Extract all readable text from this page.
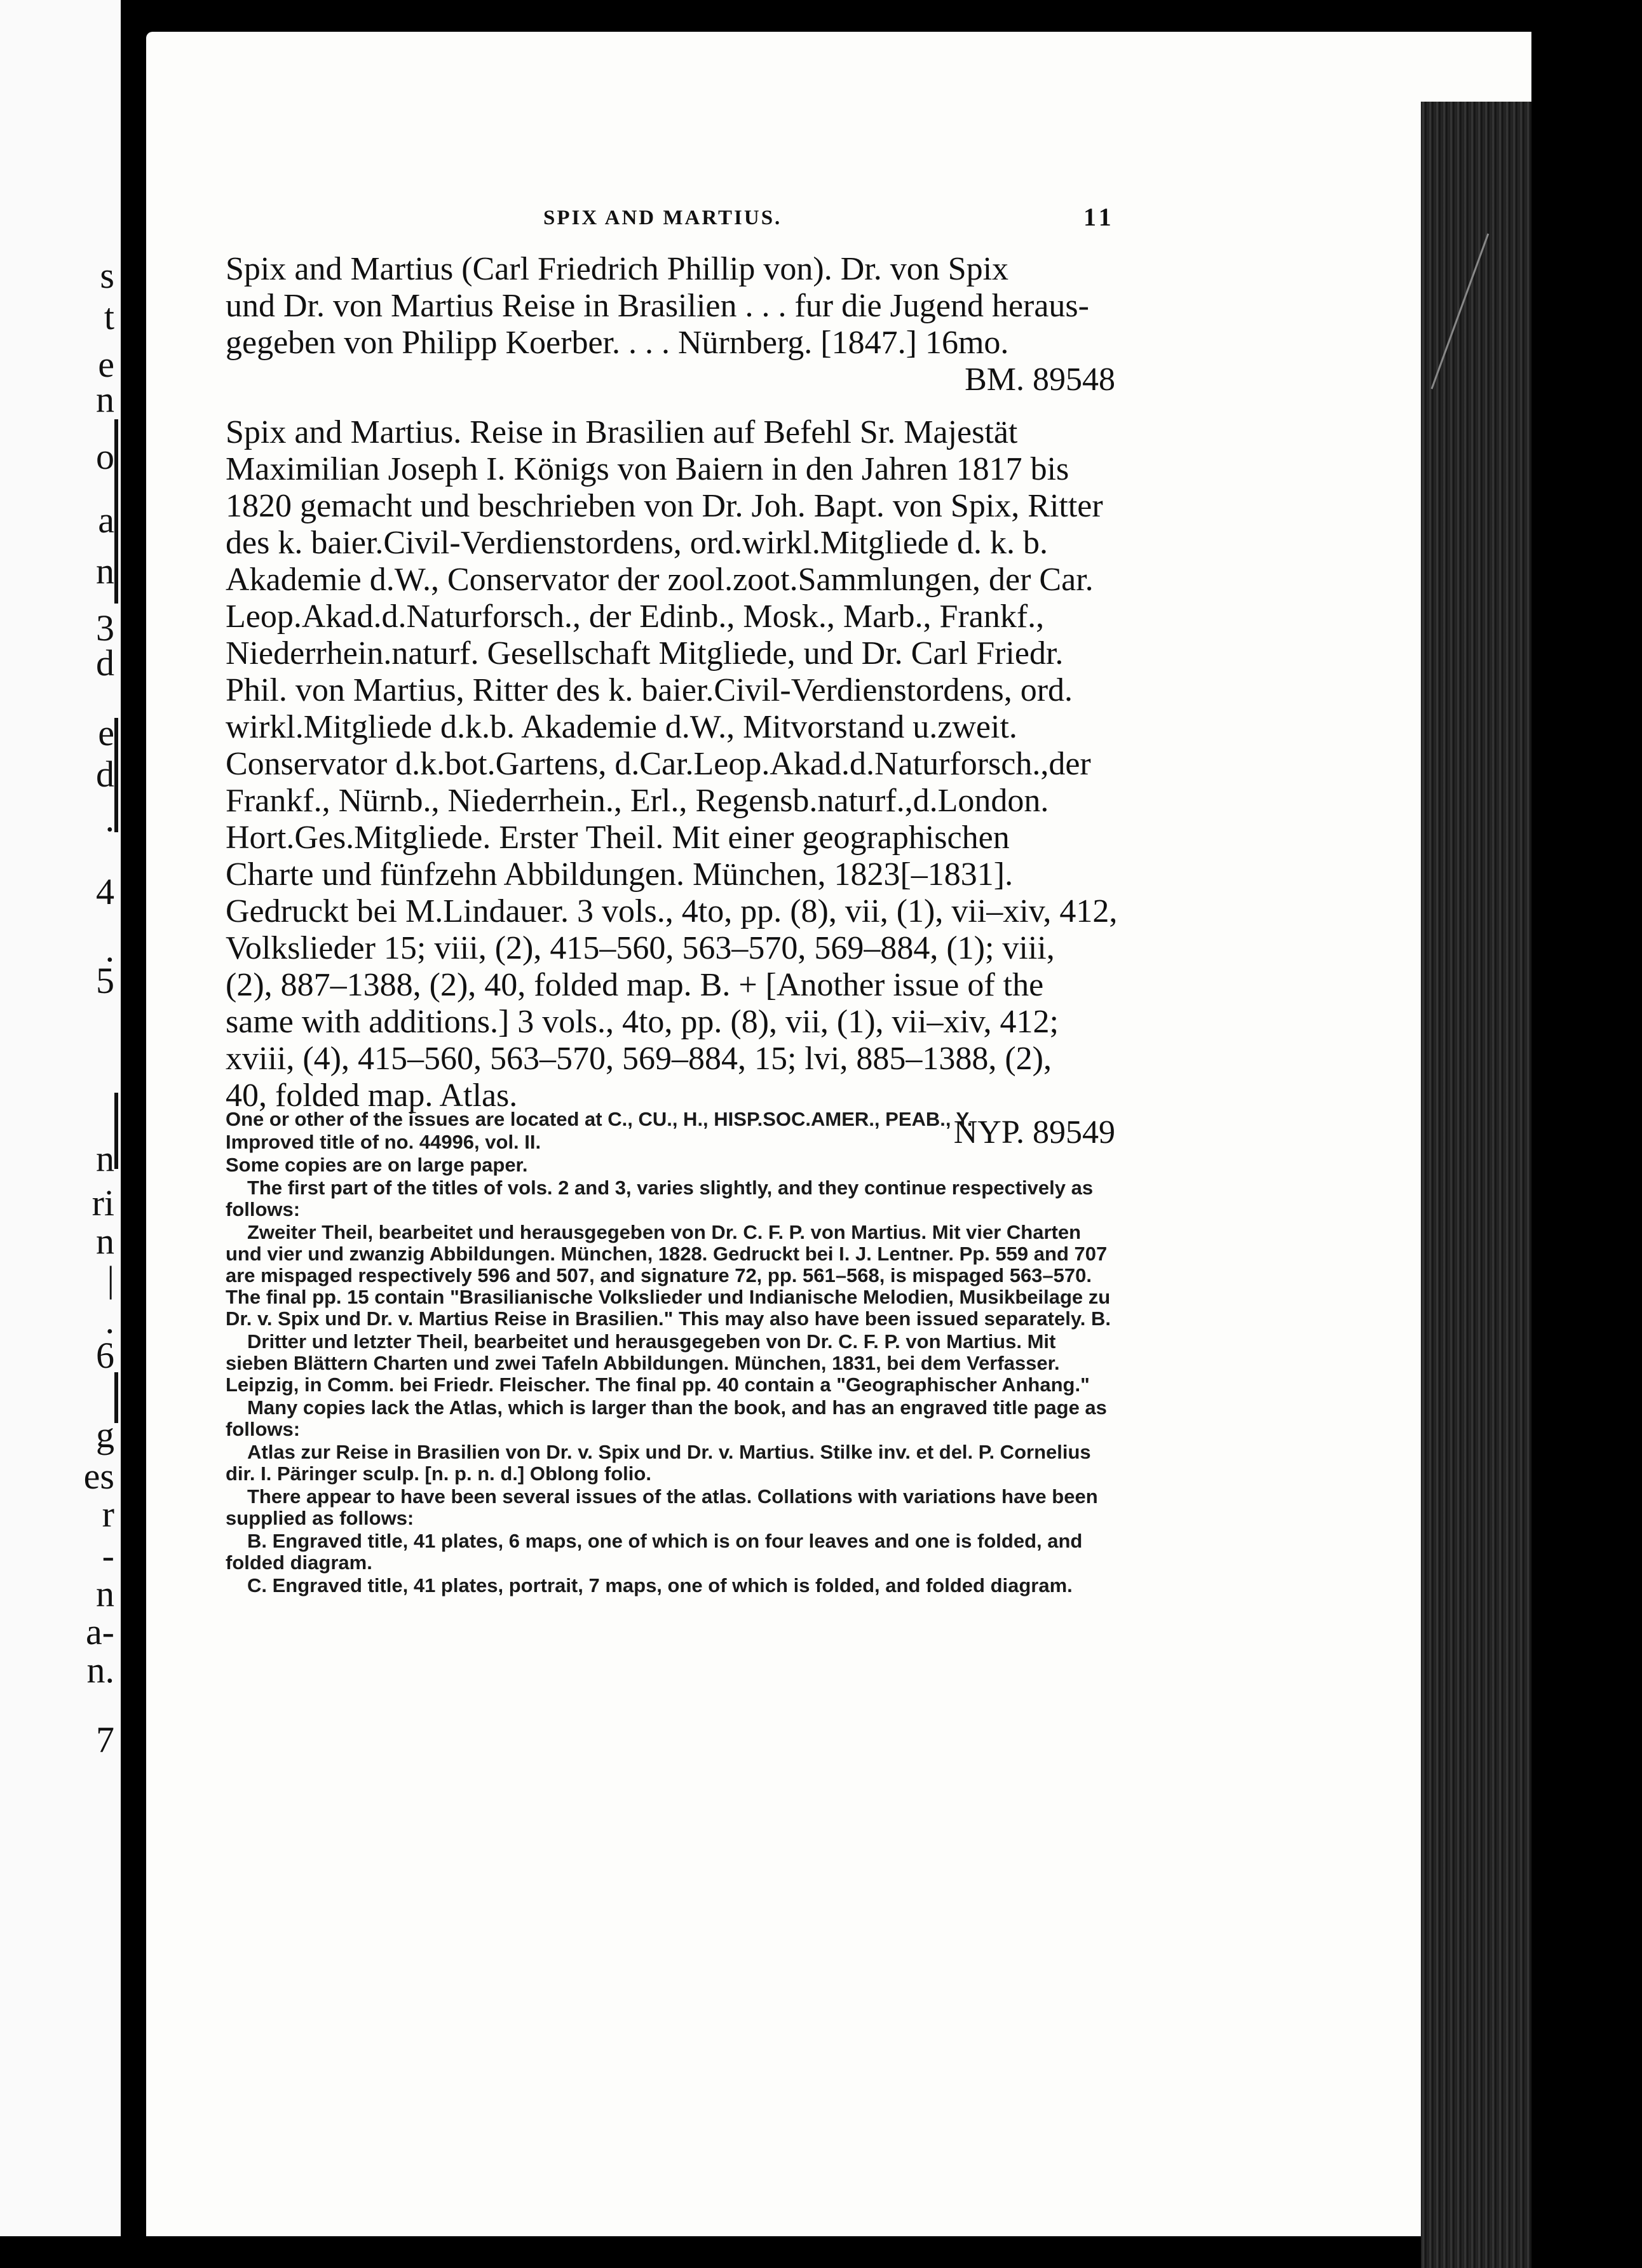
s
t
e
n
o
a
n
3
d
e
d
.
4
.
5
n
ri
n
|
.
6
g
es
r
-
n
a-
n.
7
SPIX AND MARTIUS.	11
Spix and Martius (Carl Friedrich Phillip von). Dr. von Spix
und Dr. von Martius Reise in Brasilien . . . fur die Jugend heraus-
gegeben von Philipp Koerber. . . . Nürnberg. [1847.] 16mo.
BM. 89548
Spix and Martius. Reise in Brasilien auf Befehl Sr. Majestät
Maximilian Joseph I. Königs von Baiern in den Jahren 1817 bis
1820 gemacht und beschrieben von Dr. Joh. Bapt. von Spix, Ritter
des k. baier.Civil-Verdienstordens, ord.wirkl.Mitgliede d. k. b.
Akademie d.W., Conservator der zool.zoot.Sammlungen, der Car.
Leop.Akad.d.Naturforsch., der Edinb., Mosk., Marb., Frankf.,
Niederrhein.naturf. Gesellschaft Mitgliede, und Dr. Carl Friedr.
Phil. von Martius, Ritter des k. baier.Civil-Verdienstordens, ord.
wirkl.Mitgliede d.k.b. Akademie d.W., Mitvorstand u.zweit.
Conservator d.k.bot.Gartens, d.Car.Leop.Akad.d.Naturforsch.,der
Frankf., Nürnb., Niederrhein., Erl., Regensb.naturf.,d.London.
Hort.Ges.Mitgliede. Erster Theil. Mit einer geographischen
Charte und fünfzehn Abbildungen. München, 1823[–1831].
Gedruckt bei M.Lindauer. 3 vols., 4to, pp. (8), vii, (1), vii–xiv, 412,
Volkslieder 15; viii, (2), 415–560, 563–570, 569–884, (1); viii,
(2), 887–1388, (2), 40, folded map. B. + [Another issue of the
same with additions.] 3 vols., 4to, pp. (8), vii, (1), vii–xiv, 412;
xviii, (4), 415–560, 563–570, 569–884, 15; lvi, 885–1388, (2),
40, folded map. Atlas.
NYP. 89549

One or other of the issues are located at C., CU., H., HISP.SOC.AMER., PEAB., Y.

Improved title of no. 44996, vol. II.

Some copies are on large paper.

The first part of the titles of vols. 2 and 3, varies slightly, and they continue respectively as follows:

Zweiter Theil, bearbeitet und herausgegeben von Dr. C. F. P. von Martius. Mit vier Charten und vier und zwanzig Abbildungen. München, 1828. Gedruckt bei I. J. Lentner. Pp. 559 and 707 are mispaged respectively 596 and 507, and signature 72, pp. 561–568, is mispaged 563–570. The final pp. 15 contain "Brasilianische Volkslieder und Indianische Melodien, Musikbeilage zu Dr. v. Spix und Dr. v. Martius Reise in Brasilien." This may also have been issued separately. B.

Dritter und letzter Theil, bearbeitet und herausgegeben von Dr. C. F. P. von Martius. Mit sieben Blättern Charten und zwei Tafeln Abbildungen. München, 1831, bei dem Verfasser. Leipzig, in Comm. bei Friedr. Fleischer. The final pp. 40 contain a "Geographischer Anhang."

Many copies lack the Atlas, which is larger than the book, and has an engraved title page as follows:

Atlas zur Reise in Brasilien von Dr. v. Spix und Dr. v. Martius. Stilke inv. et del. P. Cornelius dir. I. Päringer sculp. [n. p. n. d.] Oblong folio.

There appear to have been several issues of the atlas. Collations with variations have been supplied as follows:

B. Engraved title, 41 plates, 6 maps, one of which is on four leaves and one is folded, and folded diagram.

C. Engraved title, 41 plates, portrait, 7 maps, one of which is folded, and folded diagram.
